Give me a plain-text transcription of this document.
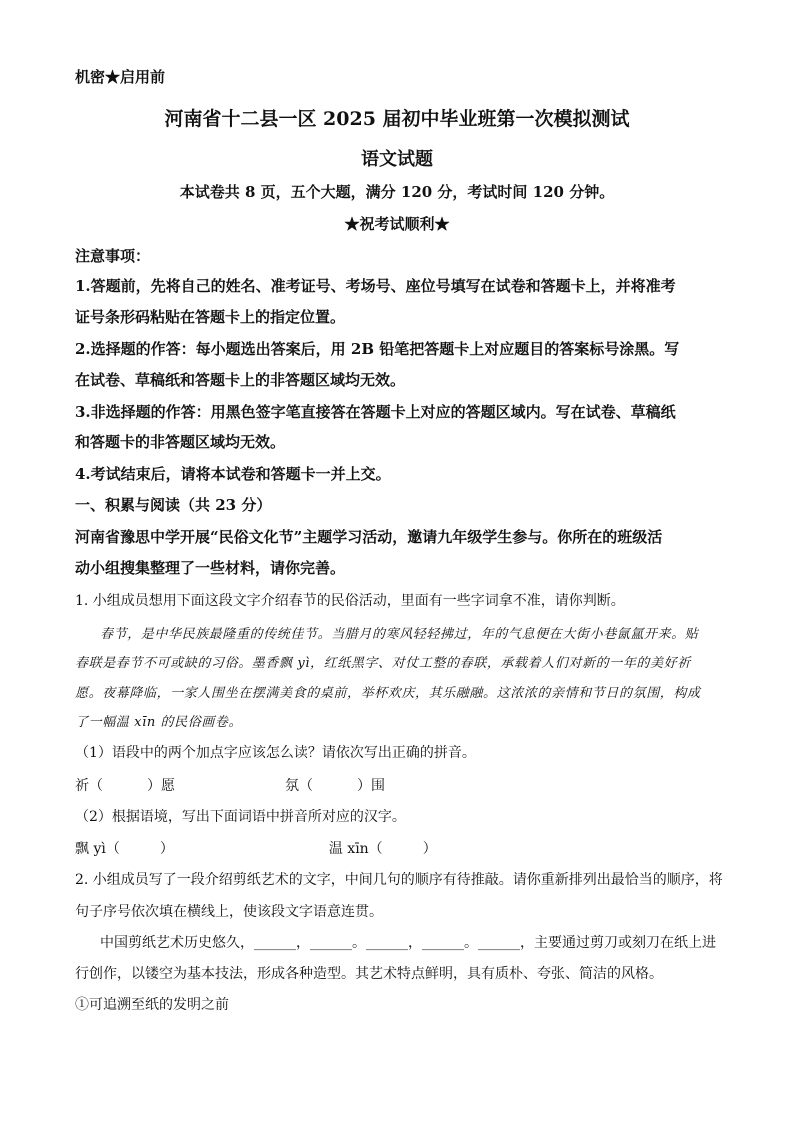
机密★启用前
河南省十二县一区 2025 届初中毕业班第一次模拟测试
语文试题
本试卷共 8 页，五个大题，满分 120 分，考试时间 120 分钟。
★祝考试顺利★
注意事项：
1.答题前，先将自己的姓名、准考证号、考场号、座位号填写在试卷和答题卡上，并将准考
证号条形码粘贴在答题卡上的指定位置。
2.选择题的作答：每小题选出答案后，用 2B 铅笔把答题卡上对应题目的答案标号涂黑。写
在试卷、草稿纸和答题卡上的非答题区域均无效。
3.非选择题的作答：用黑色签字笔直接答在答题卡上对应的答题区域内。写在试卷、草稿纸
和答题卡的非答题区域均无效。
4.考试结束后，请将本试卷和答题卡一并上交。
一、积累与阅读（共 23 分）
河南省豫思中学开展“民俗文化节”主题学习活动，邀请九年级学生参与。你所在的班级活
动小组搜集整理了一些材料，请你完善。
1. 小组成员想用下面这段文字介绍春节的民俗活动，里面有一些字词拿不准，请你判断。
春节，是中华民族最隆重的传统佳节。当腊月的寒风轻轻拂过，年的气息便在大街小巷氤氲开来。贴
春联是春节不可或缺的习俗。墨香飘 yì，红纸黑字、对仗工整的春联，承载着人们对新的一年的美好祈
愿。夜幕降临，一家人围坐在摆满美食的桌前，举杯欢庆，其乐融融。这浓浓的亲情和节日的氛围，构成
了一幅温 xīn 的民俗画卷。
（1）语段中的两个加点字应该怎么读？请依次写出正确的拼音。
祈（	）愿	氛（	）围
（2）根据语境，写出下面词语中拼音所对应的汉字。
飘 yì（	）	温 xīn（	）
2. 小组成员写了一段介绍剪纸艺术的文字，中间几句的顺序有待推敲。请你重新排列出最恰当的顺序，将
句子序号依次填在横线上，使该段文字语意连贯。
中国剪纸艺术历史悠久，______，______。______，______。______，主要通过剪刀或刻刀在纸上进
行创作，以镂空为基本技法，形成各种造型。其艺术特点鲜明，具有质朴、夸张、简洁的风格。
①可追溯至纸的发明之前
